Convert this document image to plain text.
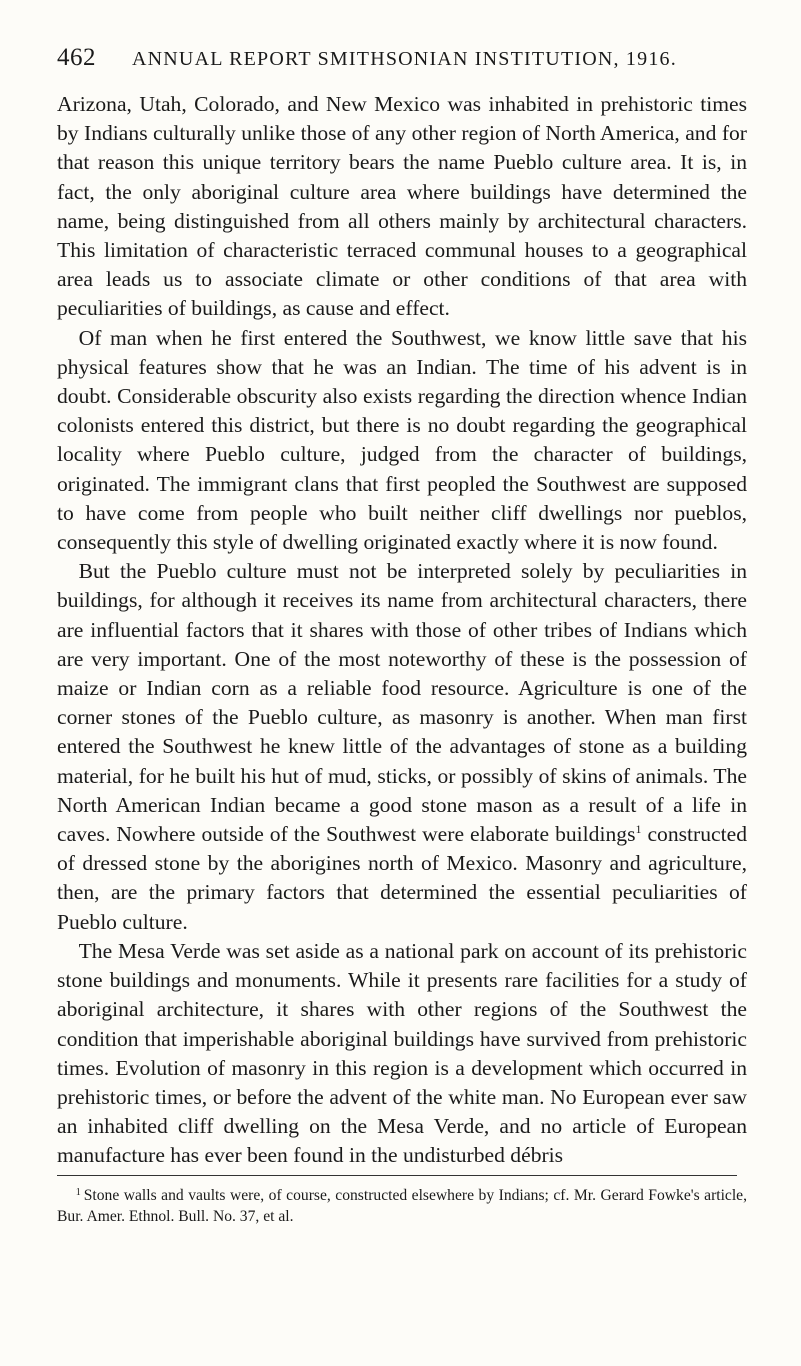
462 ANNUAL REPORT SMITHSONIAN INSTITUTION, 1916.

Arizona, Utah, Colorado, and New Mexico was inhabited in prehistoric times by Indians culturally unlike those of any other region of North America, and for that reason this unique territory bears the name Pueblo culture area. It is, in fact, the only aboriginal culture area where buildings have determined the name, being distinguished from all others mainly by architectural characters. This limitation of characteristic terraced communal houses to a geographical area leads us to associate climate or other conditions of that area with peculiarities of buildings, as cause and effect.

Of man when he first entered the Southwest, we know little save that his physical features show that he was an Indian. The time of his advent is in doubt. Considerable obscurity also exists regarding the direction whence Indian colonists entered this district, but there is no doubt regarding the geographical locality where Pueblo culture, judged from the character of buildings, originated. The immigrant clans that first peopled the Southwest are supposed to have come from people who built neither cliff dwellings nor pueblos, consequently this style of dwelling originated exactly where it is now found.

But the Pueblo culture must not be interpreted solely by peculiarities in buildings, for although it receives its name from architectural characters, there are influential factors that it shares with those of other tribes of Indians which are very important. One of the most noteworthy of these is the possession of maize or Indian corn as a reliable food resource. Agriculture is one of the corner stones of the Pueblo culture, as masonry is another. When man first entered the Southwest he knew little of the advantages of stone as a building material, for he built his hut of mud, sticks, or possibly of skins of animals. The North American Indian became a good stone mason as a result of a life in caves. Nowhere outside of the Southwest were elaborate buildings$^1$ constructed of dressed stone by the aborigines north of Mexico. Masonry and agriculture, then, are the primary factors that determined the essential peculiarities of Pueblo culture.

The Mesa Verde was set aside as a national park on account of its prehistoric stone buildings and monuments. While it presents rare facilities for a study of aboriginal architecture, it shares with other regions of the Southwest the condition that imperishable aboriginal buildings have survived from prehistoric times. Evolution of masonry in this region is a development which occurred in prehistoric times, or before the advent of the white man. No European ever saw an inhabited cliff dwelling on the Mesa Verde, and no article of European manufacture has ever been found in the undisturbed débris

$^1$ Stone walls and vaults were, of course, constructed elsewhere by Indians; cf. Mr. Gerard Fowke's article, Bur. Amer. Ethnol. Bull. No. 37, et al.
